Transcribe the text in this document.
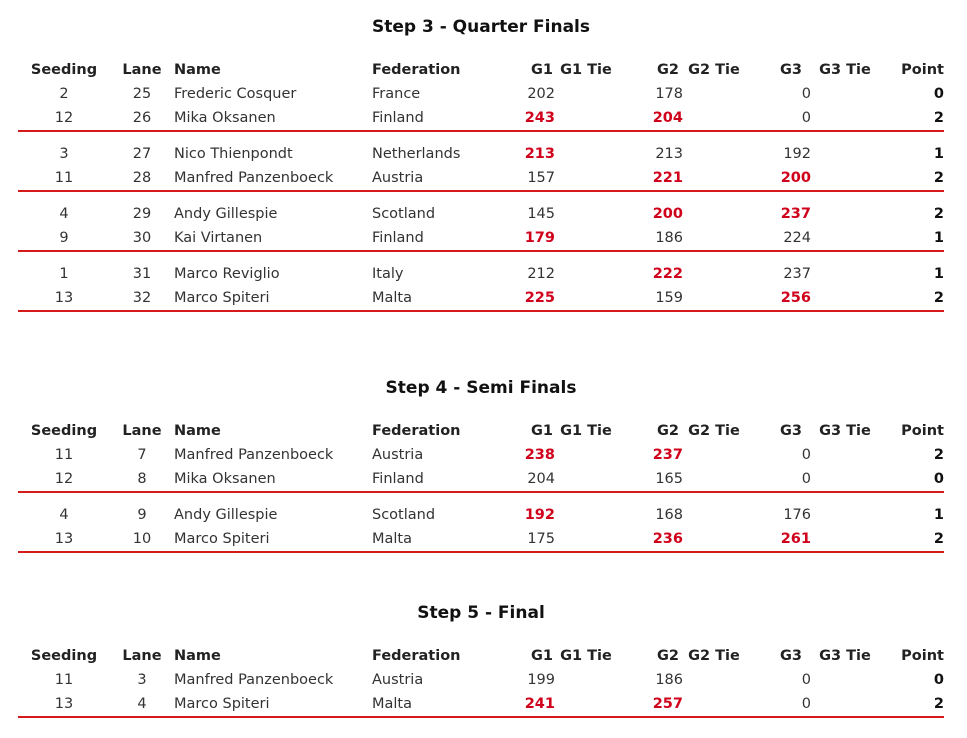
Step 3 - Quarter Finals
Seeding	Lane	Name	Federation	G1	G1 Tie	G2	G2 Tie	G3	G3 Tie	Point
2	25	Frederic Cosquer	France	202		178		0		0
12	26	Mika Oksanen	Finland	243		204		0		2

3	27	Nico Thienpondt	Netherlands	213		213		192		1
11	28	Manfred Panzenboeck	Austria	157		221		200		2

4	29	Andy Gillespie	Scotland	145		200		237		2
9	30	Kai Virtanen	Finland	179		186		224		1

1	31	Marco Reviglio	Italy	212		222		237		1
13	32	Marco Spiteri	Malta	225		159		256		2

Step 4 - Semi Finals
Seeding	Lane	Name	Federation	G1	G1 Tie	G2	G2 Tie	G3	G3 Tie	Point
11	7	Manfred Panzenboeck	Austria	238		237		0		2
12	8	Mika Oksanen	Finland	204		165		0		0

4	9	Andy Gillespie	Scotland	192		168		176		1
13	10	Marco Spiteri	Malta	175		236		261		2

Step 5 - Final
Seeding	Lane	Name	Federation	G1	G1 Tie	G2	G2 Tie	G3	G3 Tie	Point
11	3	Manfred Panzenboeck	Austria	199		186		0		0
13	4	Marco Spiteri	Malta	241		257		0		2
